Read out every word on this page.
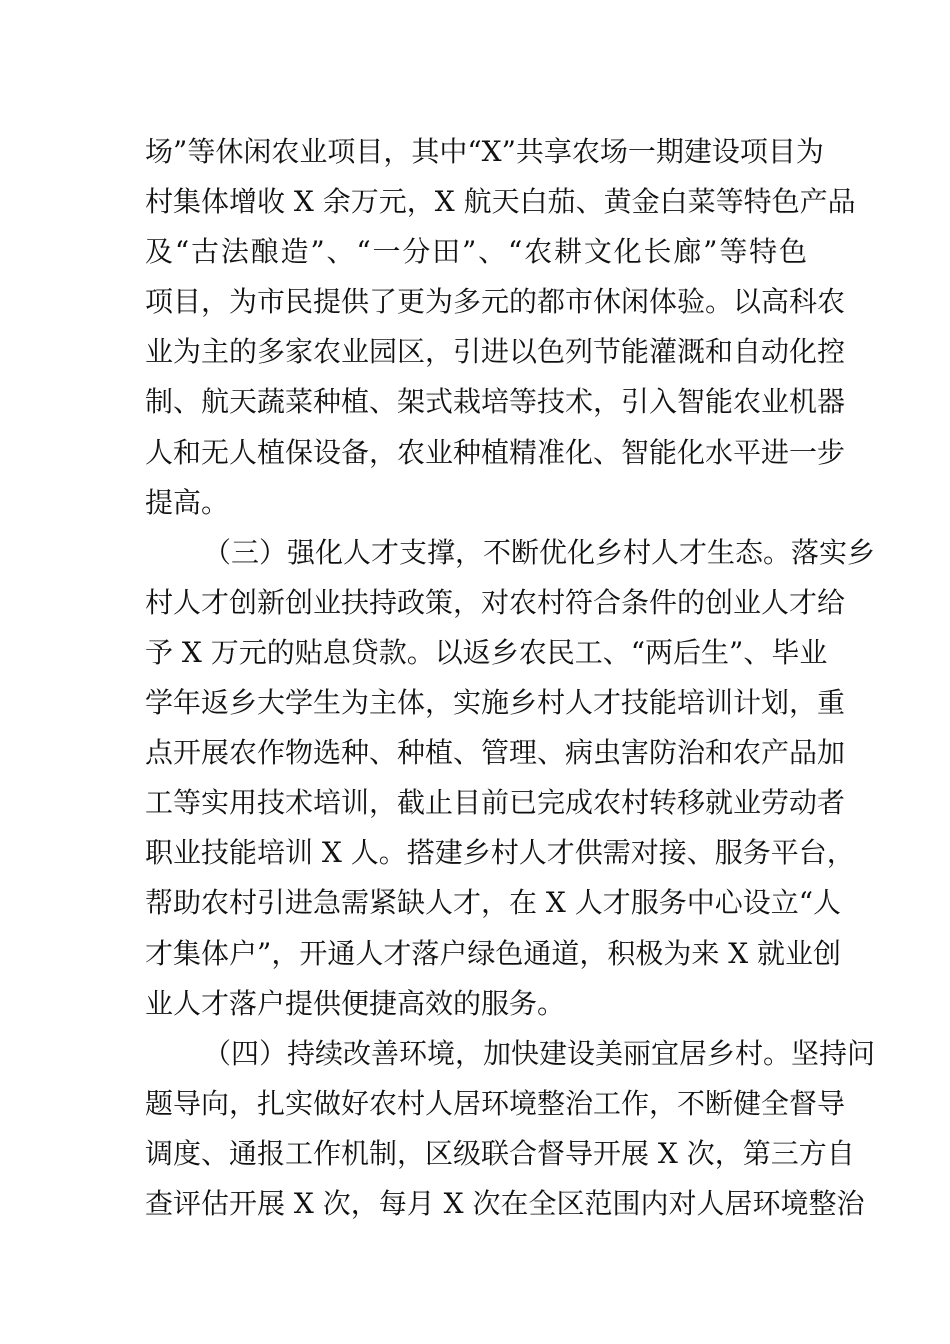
场”等休闲农业项目，其中“X”共享农场一期建设项目为
村集体增收 X 余万元，X 航天白茄、黄金白菜等特色产品
及“古法酿造”、“一分田”、“农耕文化长廊”等特色
项目，为市民提供了更为多元的都市休闲体验。以高科农
业为主的多家农业园区，引进以色列节能灌溉和自动化控
制、航天蔬菜种植、架式栽培等技术，引入智能农业机器
人和无人植保设备，农业种植精准化、智能化水平进一步
提高。
（三）强化人才支撑，不断优化乡村人才生态。落实乡
村人才创新创业扶持政策，对农村符合条件的创业人才给
予 X 万元的贴息贷款。以返乡农民工、“两后生”、毕业
学年返乡大学生为主体，实施乡村人才技能培训计划，重
点开展农作物选种、种植、管理、病虫害防治和农产品加
工等实用技术培训，截止目前已完成农村转移就业劳动者
职业技能培训 X 人。搭建乡村人才供需对接、服务平台，
帮助农村引进急需紧缺人才，在 X 人才服务中心设立“人
才集体户”，开通人才落户绿色通道，积极为来 X 就业创
业人才落户提供便捷高效的服务。
（四）持续改善环境，加快建设美丽宜居乡村。坚持问
题导向，扎实做好农村人居环境整治工作，不断健全督导
调度、通报工作机制，区级联合督导开展 X 次，第三方自
查评估开展 X 次，每月 X 次在全区范围内对人居环境整治
